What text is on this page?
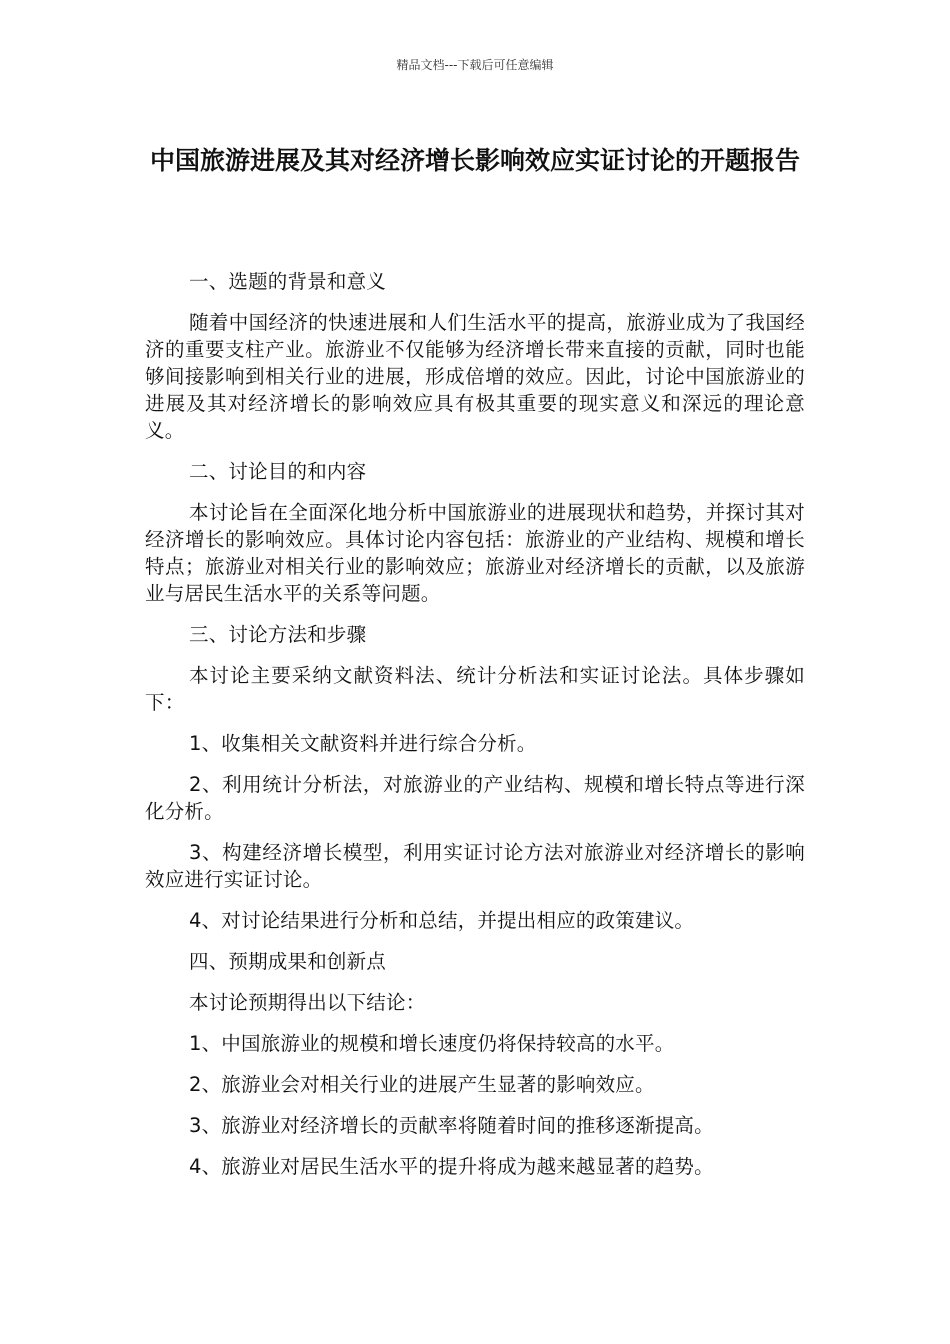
精品文档---下载后可任意编辑
中国旅游进展及其对经济增长影响效应实证讨论的开题报告

一、选题的背景和意义

随着中国经济的快速进展和人们生活水平的提高，旅游业成为了我国经济的重要支柱产业。旅游业不仅能够为经济增长带来直接的贡献，同时也能够间接影响到相关行业的进展，形成倍增的效应。因此，讨论中国旅游业的进展及其对经济增长的影响效应具有极其重要的现实意义和深远的理论意义。

二、讨论目的和内容

本讨论旨在全面深化地分析中国旅游业的进展现状和趋势，并探讨其对经济增长的影响效应。具体讨论内容包括：旅游业的产业结构、规模和增长特点；旅游业对相关行业的影响效应；旅游业对经济增长的贡献，以及旅游业与居民生活水平的关系等问题。

三、讨论方法和步骤

本讨论主要采纳文献资料法、统计分析法和实证讨论法。具体步骤如下：

1、收集相关文献资料并进行综合分析。

2、利用统计分析法，对旅游业的产业结构、规模和增长特点等进行深化分析。

3、构建经济增长模型，利用实证讨论方法对旅游业对经济增长的影响效应进行实证讨论。

4、对讨论结果进行分析和总结，并提出相应的政策建议。

四、预期成果和创新点

本讨论预期得出以下结论：

1、中国旅游业的规模和增长速度仍将保持较高的水平。

2、旅游业会对相关行业的进展产生显著的影响效应。

3、旅游业对经济增长的贡献率将随着时间的推移逐渐提高。

4、旅游业对居民生活水平的提升将成为越来越显著的趋势。
